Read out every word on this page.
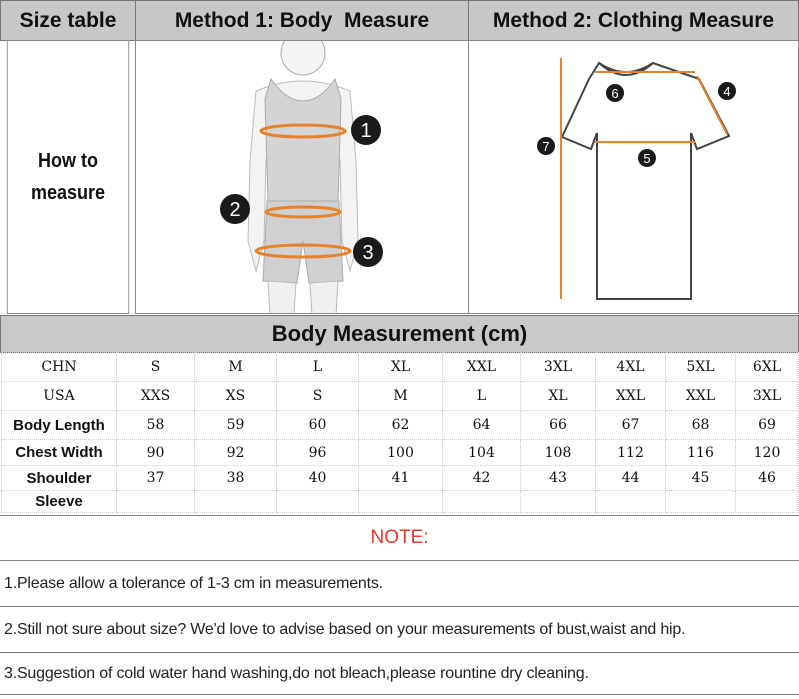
Size table	Method 1: Body  Measure	Method 2: Clothing Measure
How to
measure
1
2
3
4
5
6
7
Body Measurement (cm)
CHN	S	M	L	XL	XXL	3XL	4XL	5XL	6XL	
USA	XXS	XS	S	M	L	XL	XXL	XXL	3XL	
Body Length	58	59	60	62	64	66	67	68	69	
Chest Width	90	92	96	100	104	108	112	116	120	
Shoulder	37	38	40	41	42	43	44	45	46	
Sleeve										
NOTE:
1.Please allow a tolerance of 1-3 cm in measurements.
2.Still not sure about size? We'd love to advise based on your measurements of bust,waist and hip.
3.Suggestion of cold water hand washing,do not bleach,please rountine dry cleaning.
